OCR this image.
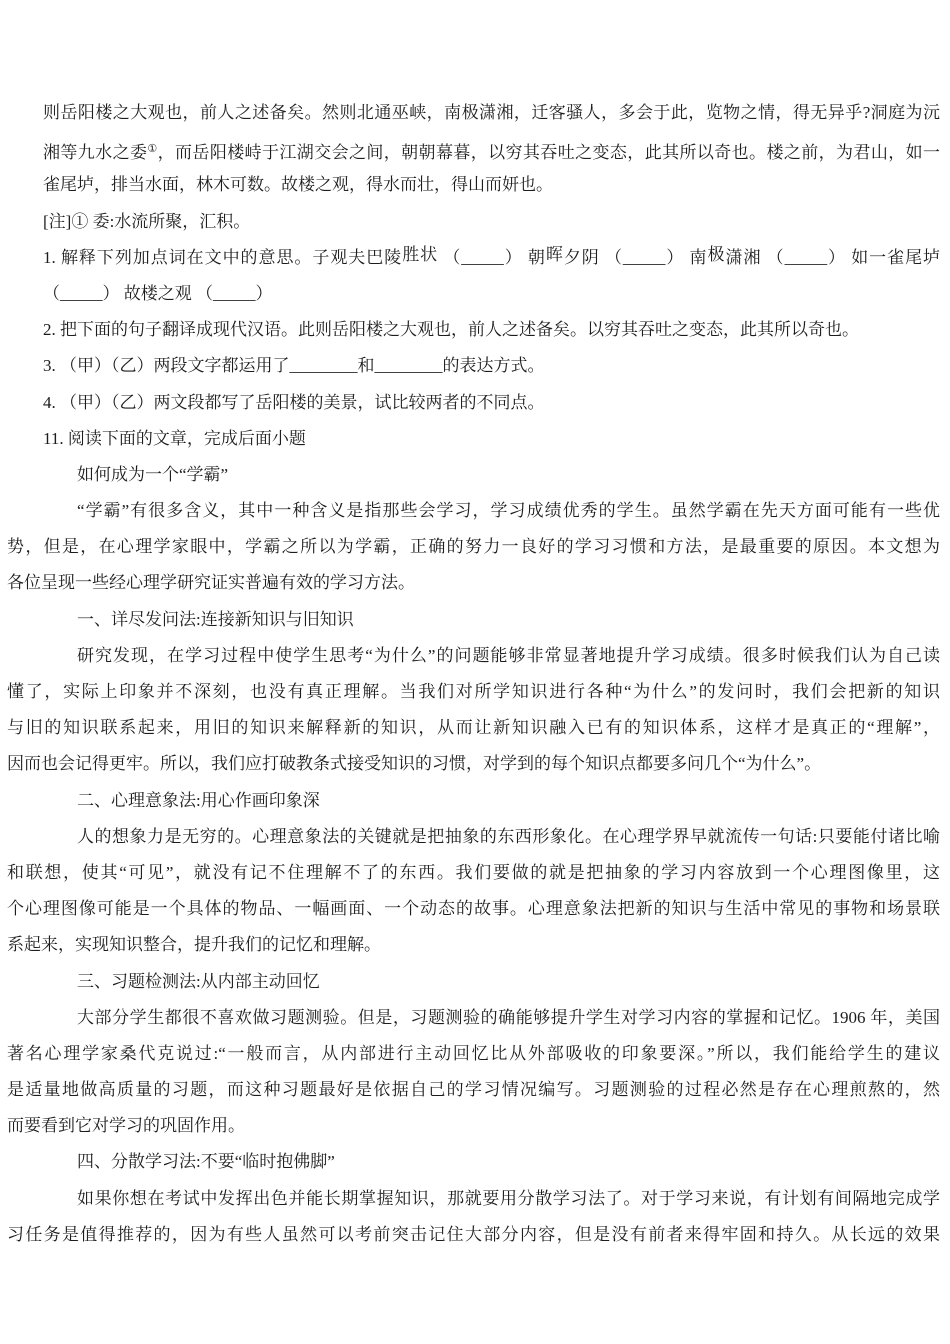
则岳阳楼之大观也，前人之述备矣。然则北通巫峡，南极潇湘，迁客骚人，多会于此，览物之情，得无异乎?洞庭为沅
湘等九水之委①，而岳阳楼峙于江湖交会之间，朝朝幕暮，以穷其吞吐之变态，此其所以奇也。楼之前，为君山，如一
雀尾垆，排当水面，林木可数。故楼之观，得水而壮，得山而妍也。
[注]① 委:水流所聚，汇积。
1. 解释下列加点词在文中的意思。子观夫巴陵胜状 （_____） 朝晖夕阴 （_____） 南极潇湘 （_____） 如一雀尾垆
（_____） 故楼之观 （_____）
2. 把下面的句子翻译成现代汉语。此则岳阳楼之大观也，前人之述备矣。以穷其吞吐之变态，此其所以奇也。
3. （甲）（乙）两段文字都运用了________和________的表达方式。
4. （甲）（乙）两文段都写了岳阳楼的美景，试比较两者的不同点。
11. 阅读下面的文章，完成后面小题
如何成为一个“学霸”
“学霸”有很多含义，其中一种含义是指那些会学习，学习成绩优秀的学生。虽然学霸在先天方面可能有一些优
势，但是，在心理学家眼中，学霸之所以为学霸，正确的努力一良好的学习习惯和方法，是最重要的原因。本文想为
各位呈现一些经心理学研究证实普遍有效的学习方法。
一、详尽发问法:连接新知识与旧知识
研究发现，在学习过程中使学生思考“为什么”的问题能够非常显著地提升学习成绩。很多时候我们认为自己读
懂了，实际上印象并不深刻，也没有真正理解。当我们对所学知识进行各种“为什么”的发问时，我们会把新的知识
与旧的知识联系起来，用旧的知识来解释新的知识，从而让新知识融入已有的知识体系，这样才是真正的“理解”，
因而也会记得更牢。所以，我们应打破教条式接受知识的习惯，对学到的每个知识点都要多问几个“为什么”。
二、心理意象法:用心作画印象深
人的想象力是无穷的。心理意象法的关键就是把抽象的东西形象化。在心理学界早就流传一句话:只要能付诸比喻
和联想，使其“可见”，就没有记不住理解不了的东西。我们要做的就是把抽象的学习内容放到一个心理图像里，这
个心理图像可能是一个具体的物品、一幅画面、一个动态的故事。心理意象法把新的知识与生活中常见的事物和场景联
系起来，实现知识整合，提升我们的记忆和理解。
三、习题检测法:从内部主动回忆
大部分学生都很不喜欢做习题测验。但是，习题测验的确能够提升学生对学习内容的掌握和记忆。1906 年，美国
著名心理学家桑代克说过:“一般而言，从内部进行主动回忆比从外部吸收的印象要深。”所以，我们能给学生的建议
是适量地做高质量的习题，而这种习题最好是依据自己的学习情况编写。习题测验的过程必然是存在心理煎熬的，然
而要看到它对学习的巩固作用。
四、分散学习法:不要“临时抱佛脚”
如果你想在考试中发挥出色并能长期掌握知识，那就要用分散学习法了。对于学习来说，有计划有间隔地完成学
习任务是值得推荐的，因为有些人虽然可以考前突击记住大部分内容，但是没有前者来得牢固和持久。从长远的效果
